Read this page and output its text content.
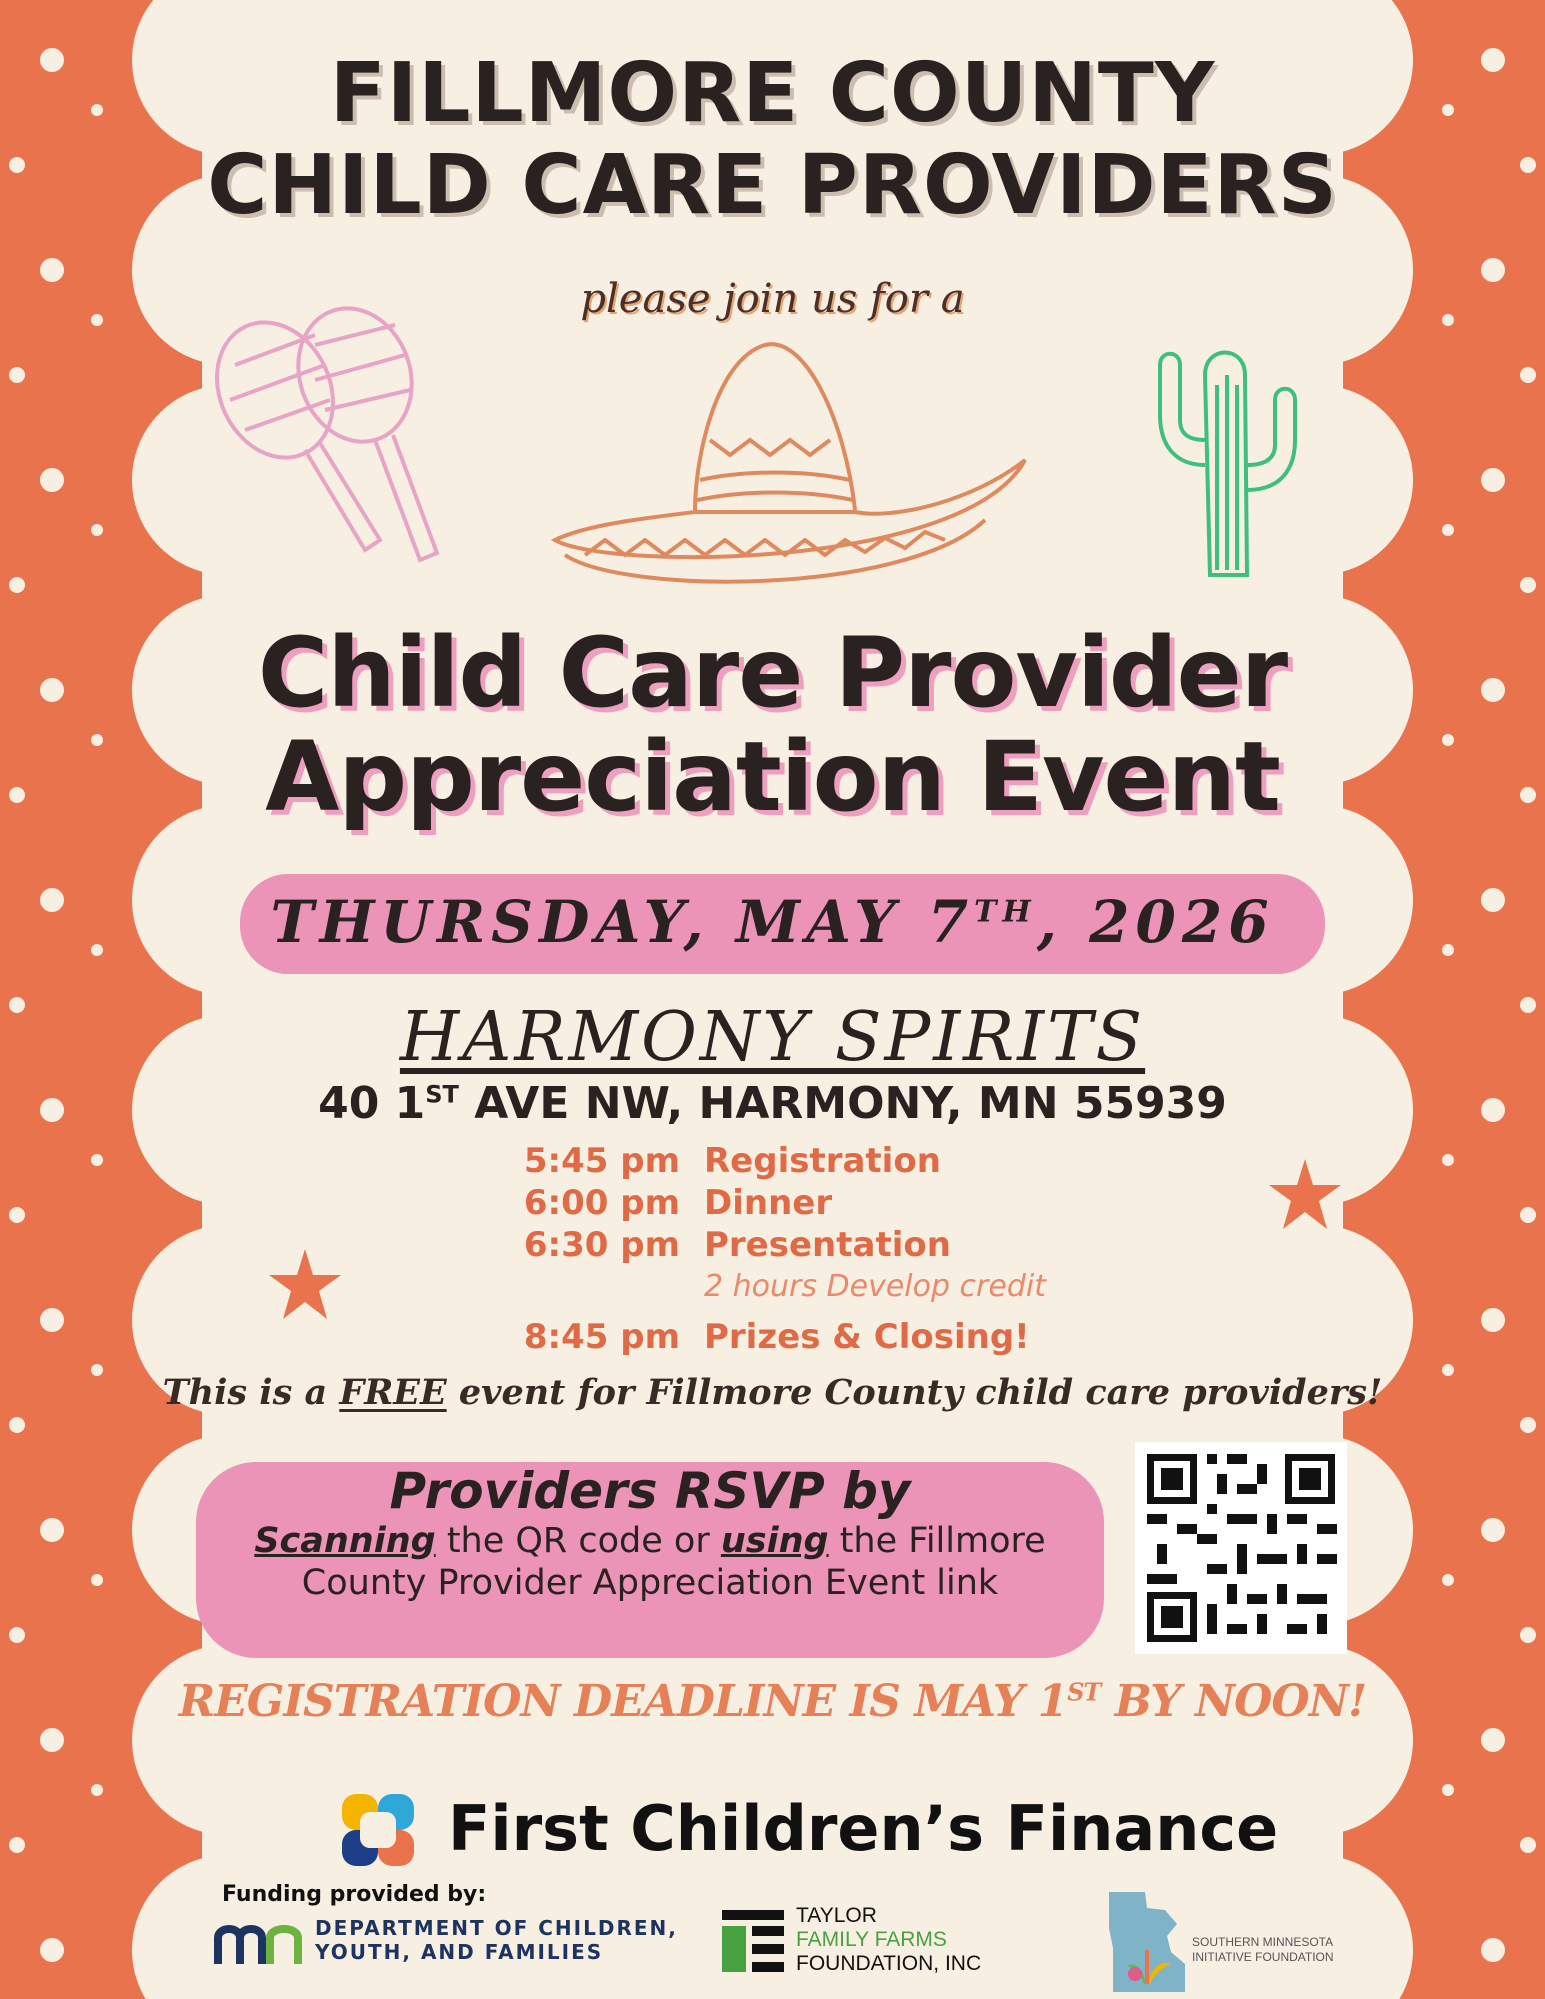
FILLMORE COUNTY
CHILD CARE PROVIDERS
please join us for a
Child Care Provider
Appreciation Event
THURSDAY, MAY 7TH, 2026
HARMONY SPIRITS
40 1ST AVE NW, HARMONY, MN 55939
5:45 pm Registration
6:00 pm Dinner
6:30 pm Presentation
2 hours Develop credit
8:45 pm Prizes & Closing!
This is a FREE event for Fillmore County child care providers!
Providers RSVP by
Scanning the QR code or using the Fillmore
County Provider Appreciation Event link
REGISTRATION DEADLINE IS MAY 1ST BY NOON!
First Children’s Finance
Funding provided by:
DEPARTMENT OF CHILDREN,
YOUTH, AND FAMILIES
TAYLOR
FAMILY FARMS
FOUNDATION, INC
SOUTHERN MINNESOTA
INITIATIVE FOUNDATION
